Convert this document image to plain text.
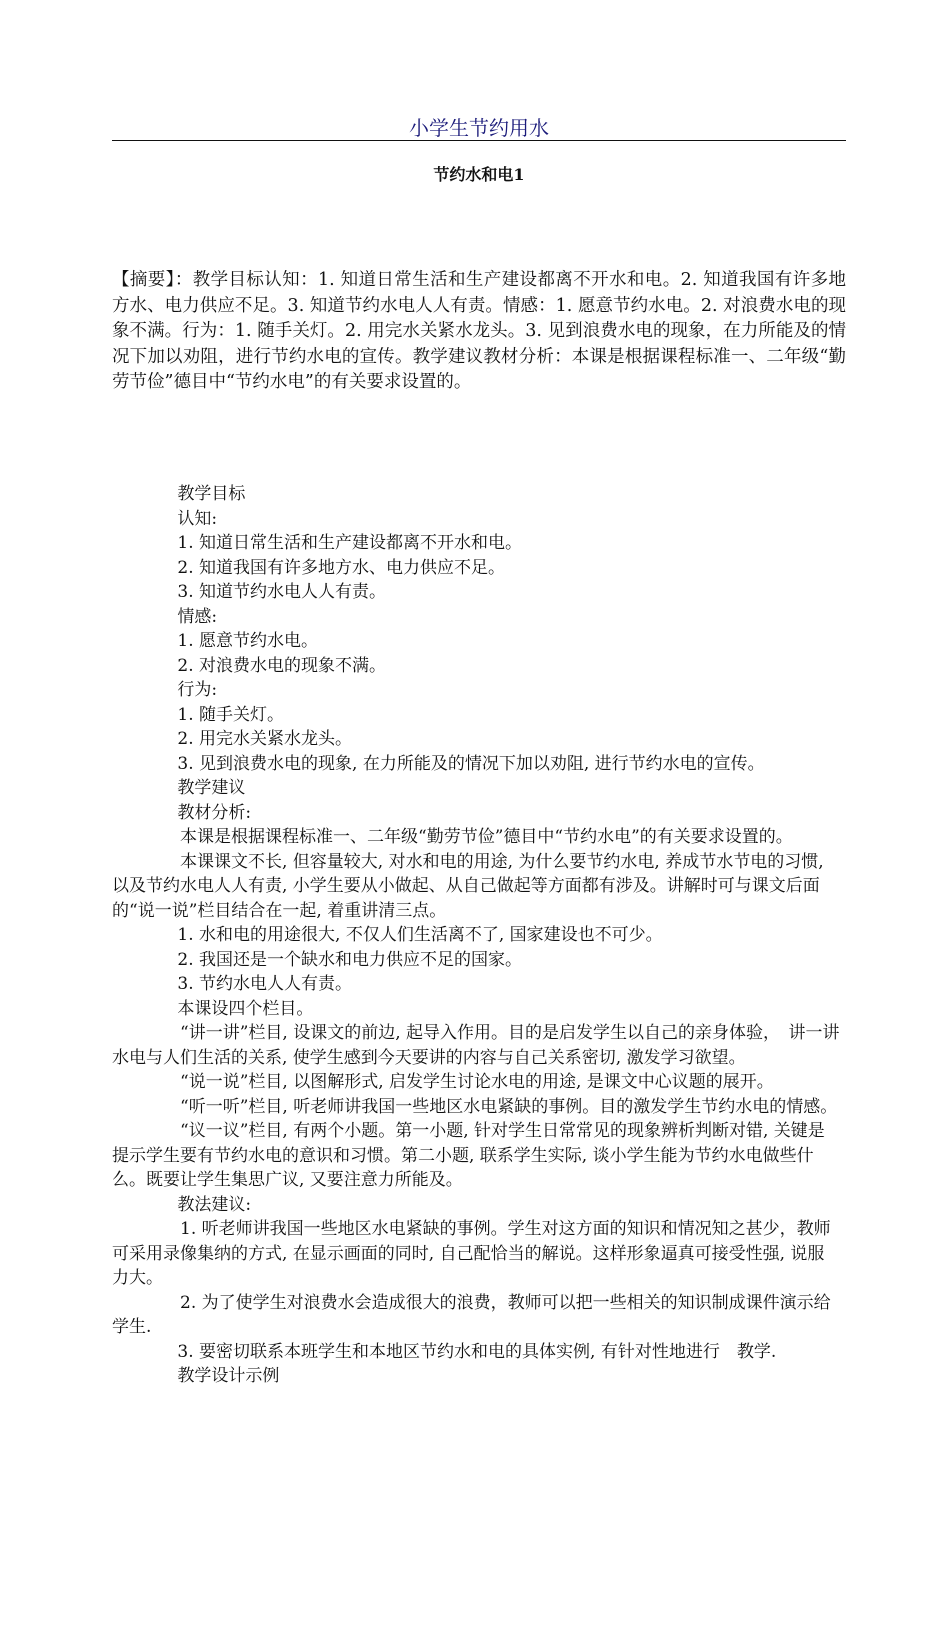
小学生节约用水
节约水和电1

【摘要】：教学目标认知：1. 知道日常生活和生产建设都离不开水和电。2. 知道我国有许多地方水、电力供应不足。3. 知道节约水电人人有责。情感：1. 愿意节约水电。2. 对浪费水电的现象不满。行为：1. 随手关灯。2. 用完水关紧水龙头。3. 见到浪费水电的现象，在力所能及的情况下加以劝阻，进行节约水电的宣传。教学建议教材分析：本课是根据课程标准一、二年级“勤劳节俭”德目中“节约水电”的有关要求设置的。

教学目标

认知:

1. 知道日常生活和生产建设都离不开水和电。

2. 知道我国有许多地方水、电力供应不足。

3. 知道节约水电人人有责。

情感:

1. 愿意节约水电。

2. 对浪费水电的现象不满。

行为:

1. 随手关灯。

2. 用完水关紧水龙头。

3. 见到浪费水电的现象, 在力所能及的情况下加以劝阻, 进行节约水电的宣传。

教学建议

教材分析:

本课是根据课程标准一、二年级“勤劳节俭”德目中“节约水电”的有关要求设置的。

本课课文不长, 但容量较大, 对水和电的用途, 为什么要节约水电, 养成节水节电的习惯, 以及节约水电人人有责, 小学生要从小做起、从自己做起等方面都有涉及。讲解时可与课文后面的“说一说”栏目结合在一起, 着重讲清三点。

1. 水和电的用途很大, 不仅人们生活离不了, 国家建设也不可少。

2. 我国还是一个缺水和电力供应不足的国家。

3. 节约水电人人有责。

本课设四个栏目。

“讲一讲”栏目, 设课文的前边, 起导入作用。目的是启发学生以自己的亲身体验，　讲一讲水电与人们生活的关系, 使学生感到今天要讲的内容与自己关系密切, 激发学习欲望。

“说一说”栏目, 以图解形式, 启发学生讨论水电的用途, 是课文中心议题的展开。

“听一听”栏目, 听老师讲我国一些地区水电紧缺的事例。目的激发学生节约水电的情感。

“议一议”栏目, 有两个小题。第一小题, 针对学生日常常见的现象辨析判断对错, 关键是提示学生要有节约水电的意识和习惯。第二小题, 联系学生实际, 谈小学生能为节约水电做些什么。既要让学生集思广议, 又要注意力所能及。

教法建议:

1. 听老师讲我国一些地区水电紧缺的事例。学生对这方面的知识和情况知之甚少，教师可采用录像集纳的方式, 在显示画面的同时, 自己配恰当的解说。这样形象逼真可接受性强, 说服力大。

2. 为了使学生对浪费水会造成很大的浪费，教师可以把一些相关的知识制成课件演示给学生.

3. 要密切联系本班学生和本地区节约水和电的具体实例, 有针对性地进行　教学.

教学设计示例
